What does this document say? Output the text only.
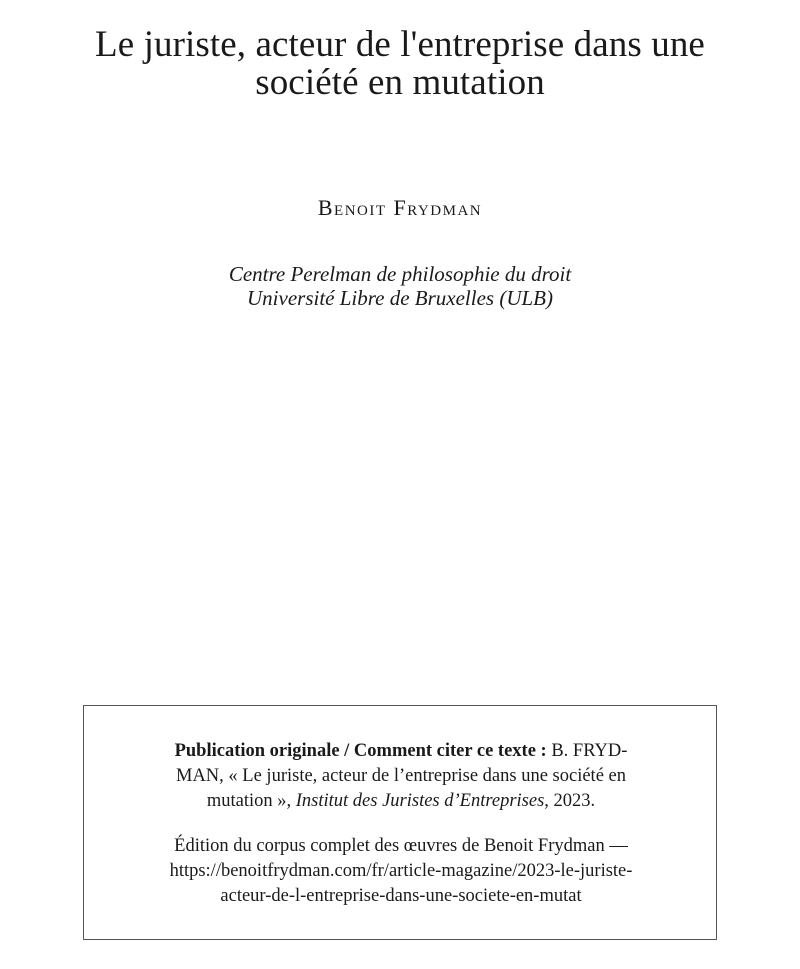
Le juriste, acteur de l'entreprise dans une
société en mutation
Benoit Frydman
Centre Perelman de philosophie du droit
Université Libre de Bruxelles (ULB)
Publication originale / Comment citer ce texte : B. FRYD-
MAN, « Le juriste, acteur de l’entreprise dans une société en
mutation », Institut des Juristes d’Entreprises, 2023.
Édition du corpus complet des œuvres de Benoit Frydman —
https://benoitfrydman.com/fr/article-magazine/2023-le-juriste-
acteur-de-l-entreprise-dans-une-societe-en-mutat
